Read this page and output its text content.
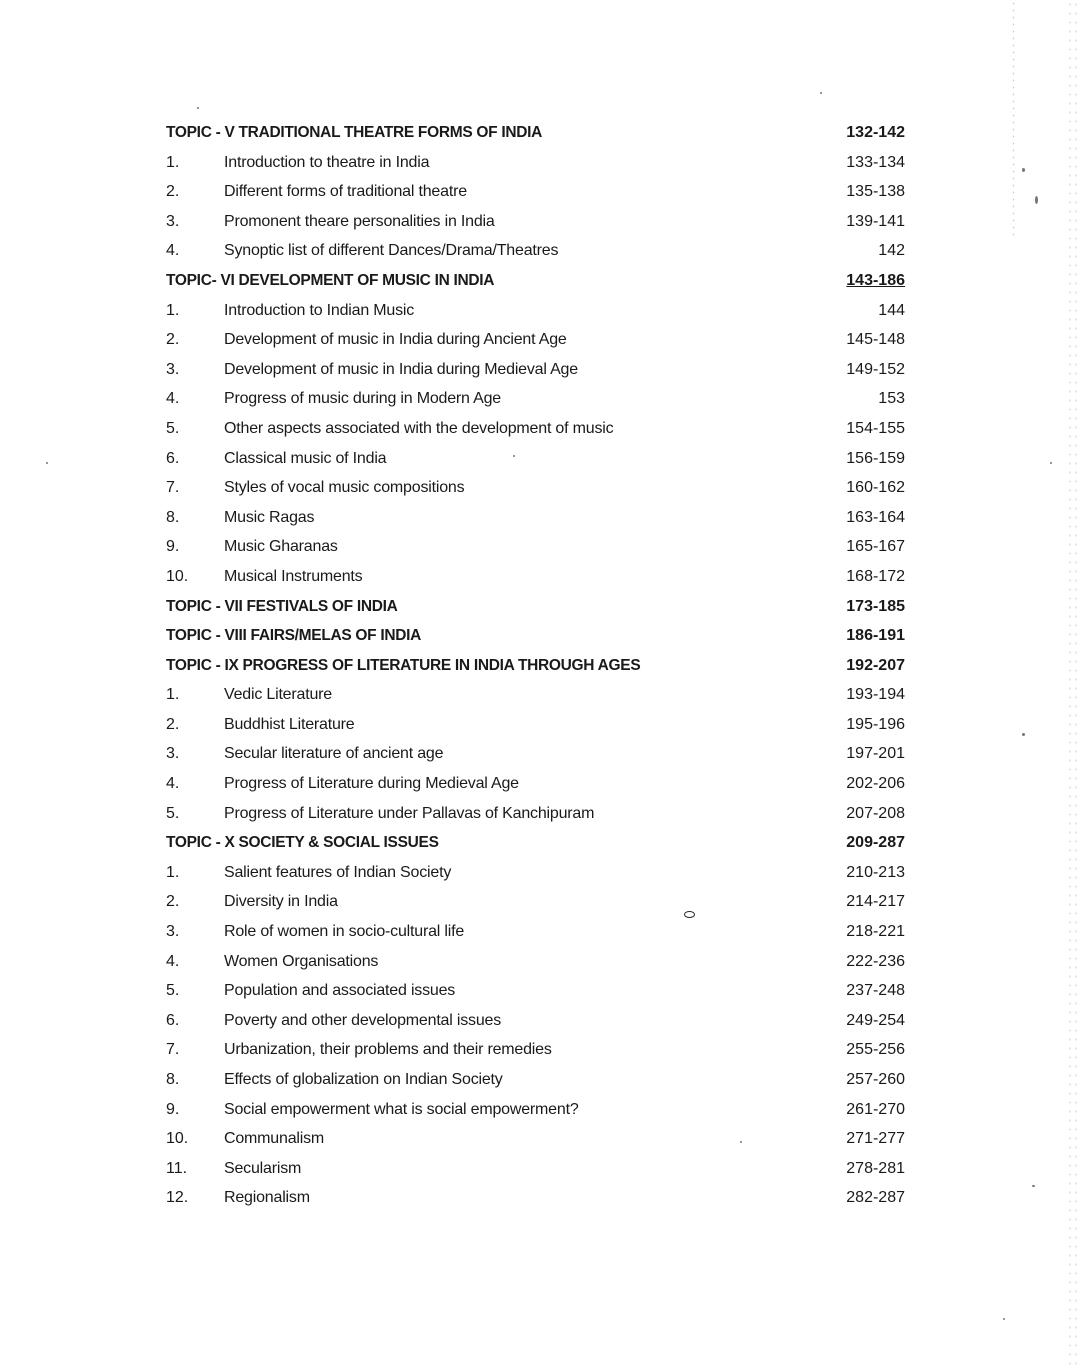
TOPIC - V TRADITIONAL THEATRE FORMS OF INDIA	132-142
1.	Introduction to theatre in India	133-134
2.	Different forms of traditional theatre	135-138
3.	Promonent theare personalities in India	139-141
4.	Synoptic list of different Dances/Drama/Theatres	142
TOPIC- VI DEVELOPMENT OF MUSIC IN INDIA	143-186
1.	Introduction to Indian Music	144
2.	Development of music in India during Ancient Age	145-148
3.	Development of music in India during Medieval Age	149-152
4.	Progress of music during in Modern Age	153
5.	Other aspects associated with the development of music	154-155
6.	Classical music of India	156-159
7.	Styles of vocal music compositions	160-162
8.	Music Ragas	163-164
9.	Music Gharanas	165-167
10. Musical Instruments	168-172
TOPIC - VII FESTIVALS OF INDIA	173-185
TOPIC - VIII FAIRS/MELAS OF INDIA	186-191
TOPIC - IX PROGRESS OF LITERATURE IN INDIA THROUGH AGES	192-207
1.	Vedic Literature	193-194
2.	Buddhist Literature	195-196
3.	Secular literature of ancient age	197-201
4.	Progress of Literature during Medieval Age	202-206
5.	Progress of Literature under Pallavas of Kanchipuram	207-208
TOPIC - X SOCIETY & SOCIAL ISSUES	209-287
1.	Salient features of Indian Society	210-213
2.	Diversity in India	214-217
3.	Role of women in socio-cultural life	218-221
4.	Women Organisations	222-236
5.	Population and associated issues	237-248
6.	Poverty and other developmental issues	249-254
7.	Urbanization, their problems and their remedies	255-256
8.	Effects of globalization on Indian Society	257-260
9.	Social empowerment what is social empowerment?	261-270
10. Communalism	271-277
11. Secularism	278-281
12. Regionalism	282-287
